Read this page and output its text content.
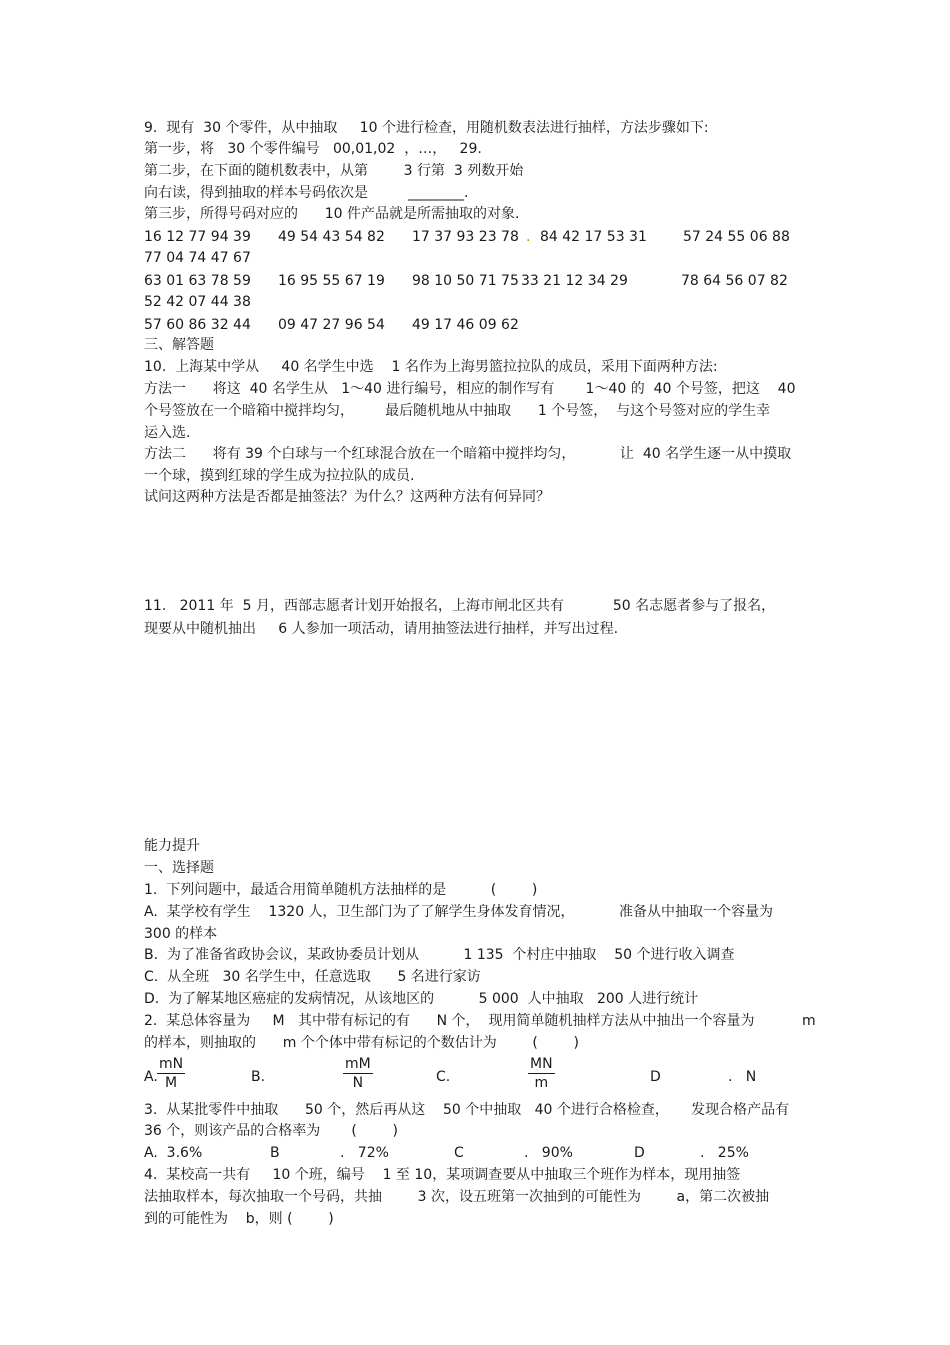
9.  现有  30 个零件，从中抽取     10 个进行检查，用随机数表法进行抽样，方法步骤如下:
第一步，将   30 个零件编号   00,01,02  ，…，   29.
第二步，在下面的随机数表中，从第        3 行第  3 列数开始
向右读，得到抽取的样本号码依次是         ________.
第三步，所得号码对应的      10 件产品就是所需抽取的对象.
16 12 77 94 39 49 54 43 54 82 17 37 93 23 78 . 84 42 17 53 31	57 24 55 06 88
77 04 74 47 67
63 01 63 78 59 16 95 55 67 19 98 10 50 71 75 33 21 12 34 29	78 64 56 07 82
52 42 07 44 38
57 60 86 32 44 09 47 27 96 54 49 17 46 09 62
三、解答题
10.  上海某中学从     40 名学生中选    1 名作为上海男篮拉拉队的成员，采用下面两种方法:
方法一      将这  40 名学生从   1～40 进行编号，相应的制作写有       1～40 的  40 个号签，把这    40
个号签放在一个暗箱中搅拌均匀，       最后随机地从中抽取      1 个号签，  与这个号签对应的学生幸
运入选.
方法二      将有 39 个白球与一个红球混合放在一个暗箱中搅拌均匀，          让  40 名学生逐一从中摸取
一个球，摸到红球的学生成为拉拉队的成员.
试问这两种方法是否都是抽签法？为什么？这两种方法有何异同？
11.   2011 年  5 月，西部志愿者计划开始报名，上海市闸北区共有           50 名志愿者参与了报名，
现要从中随机抽出     6 人参加一项活动，请用抽签法进行抽样，并写出过程.
能力提升
一、选择题
1.  下列问题中，最适合用简单随机方法抽样的是          (        )
A.  某学校有学生    1320 人，卫生部门为了了解学生身体发育情况，          准备从中抽取一个容量为
300 的样本
B.  为了准备省政协会议，某政协委员计划从          1 135  个村庄中抽取    50 个进行收入调查
C.  从全班   30 名学生中，任意选取      5 名进行家访
D.  为了解某地区癌症的发病情况，从该地区的          5 000  人中抽取   200 人进行统计
2.  某总体容量为     M   其中带有标记的有      N 个，  现用简单随机抽样方法从中抽出一个容量为	m
的样本，则抽取的      m 个个体中带有标记的个数估计为        (        )
A. $\frac{mN}{M}$	B.	$\frac{mM}{N}$	C.	$\frac{MN}{m}$	D	.   N
3.  从某批零件中抽取      50 个，然后再从这    50 个中抽取   40 个进行合格检查，     发现合格产品有
36 个，则该产品的合格率为       (        )
A.  3.6%	B	.   72%	C	.   90%	D	.   25%
4.  某校高一共有     10 个班，编号    1 至 10，某项调查要从中抽取三个班作为样本，现用抽签
法抽取样本，每次抽取一个号码，共抽        3 次，设五班第一次抽到的可能性为        a，第二次被抽
到的可能性为    b，则 (        )
